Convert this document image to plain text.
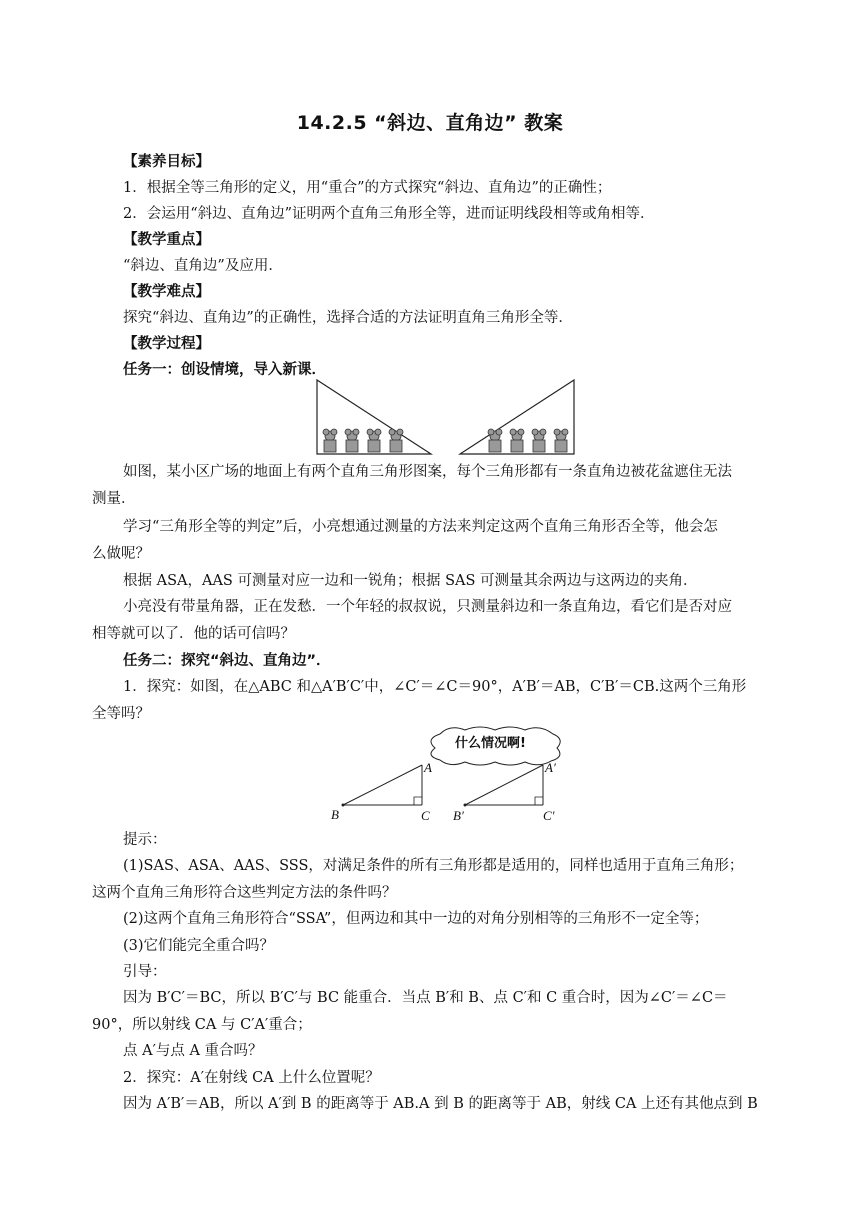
14.2.5 “斜边、直角边” 教案
【素养目标】
1．根据全等三角形的定义，用“重合”的方式探究“斜边、直角边”的正确性；
2．会运用“斜边、直角边”证明两个直角三角形全等，进而证明线段相等或角相等．
【教学重点】
“斜边、直角边”及应用．
【教学难点】
探究“斜边、直角边”的正确性，选择合适的方法证明直角三角形全等．
【教学过程】
任务一：创设情境，导入新课．
如图，某小区广场的地面上有两个直角三角形图案，每个三角形都有一条直角边被花盆遮住无法
测量．
学习“三角形全等的判定”后，小亮想通过测量的方法来判定这两个直角三角形否全等，他会怎
么做呢？
根据 ASA，AAS 可测量对应一边和一锐角；根据 SAS 可测量其余两边与这两边的夹角．
小亮没有带量角器，正在发愁．一个年轻的叔叔说，只测量斜边和一条直角边，看它们是否对应
相等就可以了．他的话可信吗？
任务二：探究“斜边、直角边”．
1．探究：如图，在△ABC 和△A′B′C′中，∠C′＝∠C＝90°，A′B′＝AB，C′B′＝CB.这两个三角形
全等吗？
什么情况啊!
A
B	C
A′
B′	C′
提示：
(1)SAS、ASA、AAS、SSS，对满足条件的所有三角形都是适用的，同样也适用于直角三角形；
这两个直角三角形符合这些判定方法的条件吗？
(2)这两个直角三角形符合“SSA”，但两边和其中一边的对角分别相等的三角形不一定全等；
(3)它们能完全重合吗？
引导：
因为 B′C′＝BC，所以 B′C′与 BC 能重合．当点 B′和 B、点 C′和 C 重合时，因为∠C′＝∠C＝
90°，所以射线 CA 与 C′A′重合；
点 A′与点 A 重合吗？
2．探究：A′在射线 CA 上什么位置呢？
因为 A′B′＝AB，所以 A′到 B 的距离等于 AB.A 到 B 的距离等于 AB，射线 CA 上还有其他点到 B
